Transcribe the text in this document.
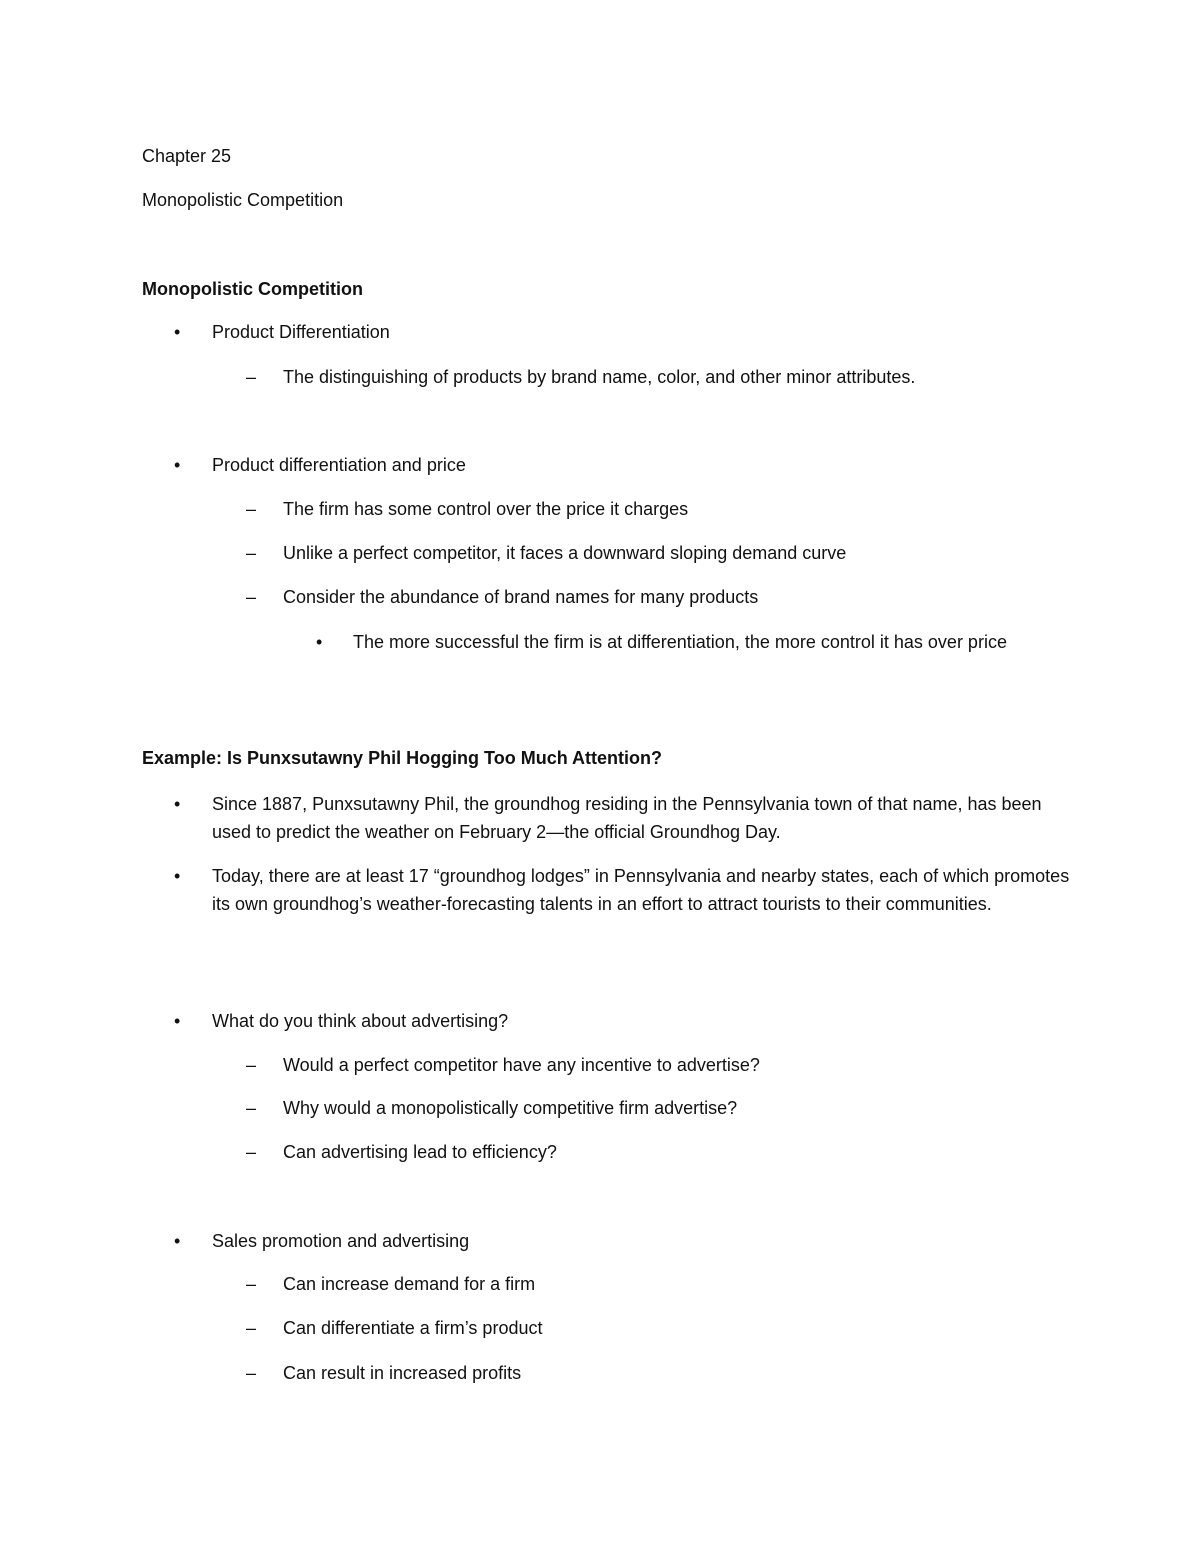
Chapter 25
Monopolistic Competition
Monopolistic Competition
• Product Differentiation
– The distinguishing of products by brand name, color, and other minor attributes.
• Product differentiation and price
– The firm has some control over the price it charges
– Unlike a perfect competitor, it faces a downward sloping demand curve
– Consider the abundance of brand names for many products
• The more successful the firm is at differentiation, the more control it has over price
Example: Is Punxsutawny Phil Hogging Too Much Attention?
• Since 1887, Punxsutawny Phil, the groundhog residing in the Pennsylvania town of that name, has been used to predict the weather on February 2—the official Groundhog Day.
• Today, there are at least 17 “groundhog lodges” in Pennsylvania and nearby states, each of which promotes its own groundhog’s weather-forecasting talents in an effort to attract tourists to their communities.
• What do you think about advertising?
– Would a perfect competitor have any incentive to advertise?
– Why would a monopolistically competitive firm advertise?
– Can advertising lead to efficiency?
• Sales promotion and advertising
– Can increase demand for a firm
– Can differentiate a firm’s product
– Can result in increased profits
